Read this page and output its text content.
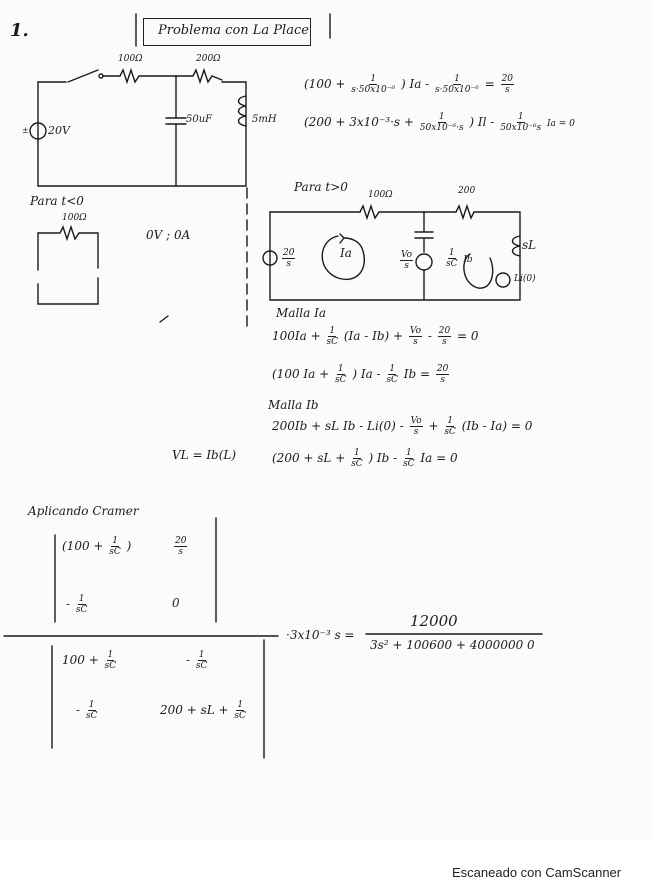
1.	Problema con La Place
100Ω	200Ω
± 20V
50uF	5mH
($100 + \frac{1}{\text{s·50x10⁻⁶}}$ ) $Ia - \frac{1}{\text{s·50x10⁻⁶}} = \frac{20}{s}$
($200 + 3x10^{-3}\cdot s + \frac{1}{\text{50x10⁻⁶·s}}$ ) Il - $\frac{1}{\text{50x10⁻⁶s}}$ Ia = 0
Para t<0
100Ω
0V ; 0A
Para t>0
100Ω	200
$\frac{20}{s}$	Ia	$\frac{Vo}{s}$	$\frac{1}{sC}$ Ib
sL
Li(0)
Malla Ia
$100Ia + \frac{1}{sC} (Ia - Ib) + \frac{Vo}{s} - \frac{20}{s} = 0$
(100 $Ia + \frac{1}{sC}$ ) Ia - $\frac{1}{sC}$ $Ib = \frac{20}{s}$
Malla Ib
200Ib + sL $Ib - Li(0) - \frac{Vo}{s} + \frac{1}{sC} (Ib - Ia) = 0$
VL = Ib(L)	(200 + sL + $\frac{1}{sC}$ ) Ib - $\frac{1}{sC}$ Ia = 0
Aplicando Cramer
($100 + \frac{1}{sC}$ )	$\frac{20}{s}$
- $\frac{1}{sC}$	0
$100 + \frac{1}{sC}$	- $\frac{1}{sC}$
- $\frac{1}{sC}$	200 + sL + $\frac{1}{sC}$
·3x10⁻³ s =
12000
3s² + 100600 + 4000000 0
Escaneado con CamScanner
